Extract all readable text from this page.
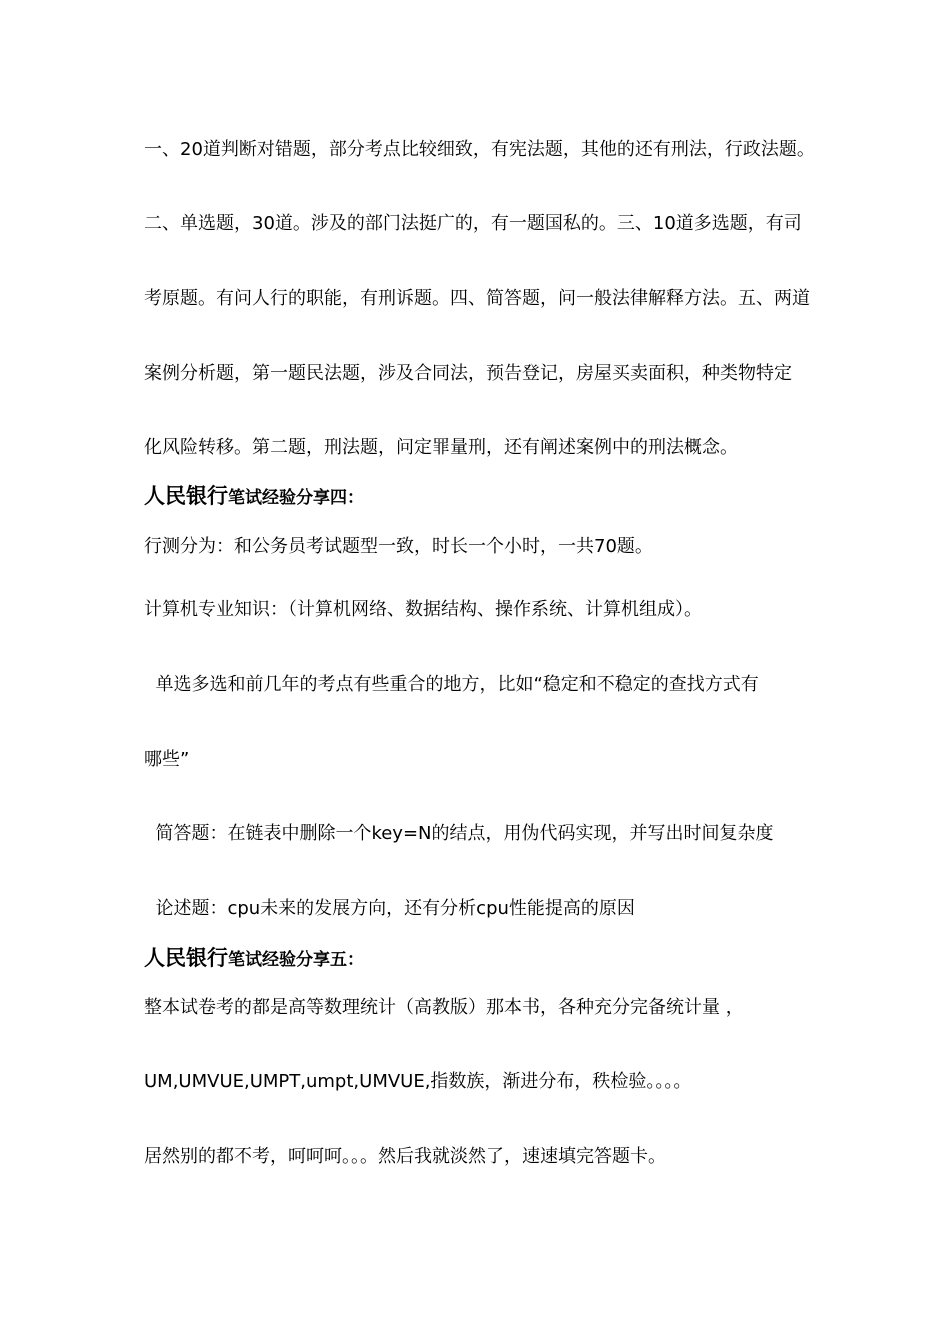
一、20道判断对错题，部分考点比较细致，有宪法题，其他的还有刑法，行政法题。
二、单选题，30道。涉及的部门法挺广的，有一题国私的。三、10道多选题，有司
考原题。有问人行的职能，有刑诉题。四、简答题，问一般法律解释方法。五、两道
案例分析题，第一题民法题，涉及合同法，预告登记，房屋买卖面积，种类物特定
化风险转移。第二题，刑法题，问定罪量刑，还有阐述案例中的刑法概念。
人民银行笔试经验分享四：
行测分为：和公务员考试题型一致，时长一个小时，一共70题。
计算机专业知识：（计算机网络、数据结构、操作系统、计算机组成）。
单选多选和前几年的考点有些重合的地方，比如“稳定和不稳定的查找方式有
哪些”
简答题：在链表中删除一个key=N的结点，用伪代码实现，并写出时间复杂度
论述题：cpu未来的发展方向，还有分析cpu性能提高的原因
人民银行笔试经验分享五：
整本试卷考的都是高等数理统计（高教版）那本书，各种充分完备统计量 ，
UM,UMVUE,UMPT,umpt,UMVUE,指数族，渐进分布，秩检验。。。。
居然别的都不考，呵呵呵。。。然后我就淡然了，速速填完答题卡。
